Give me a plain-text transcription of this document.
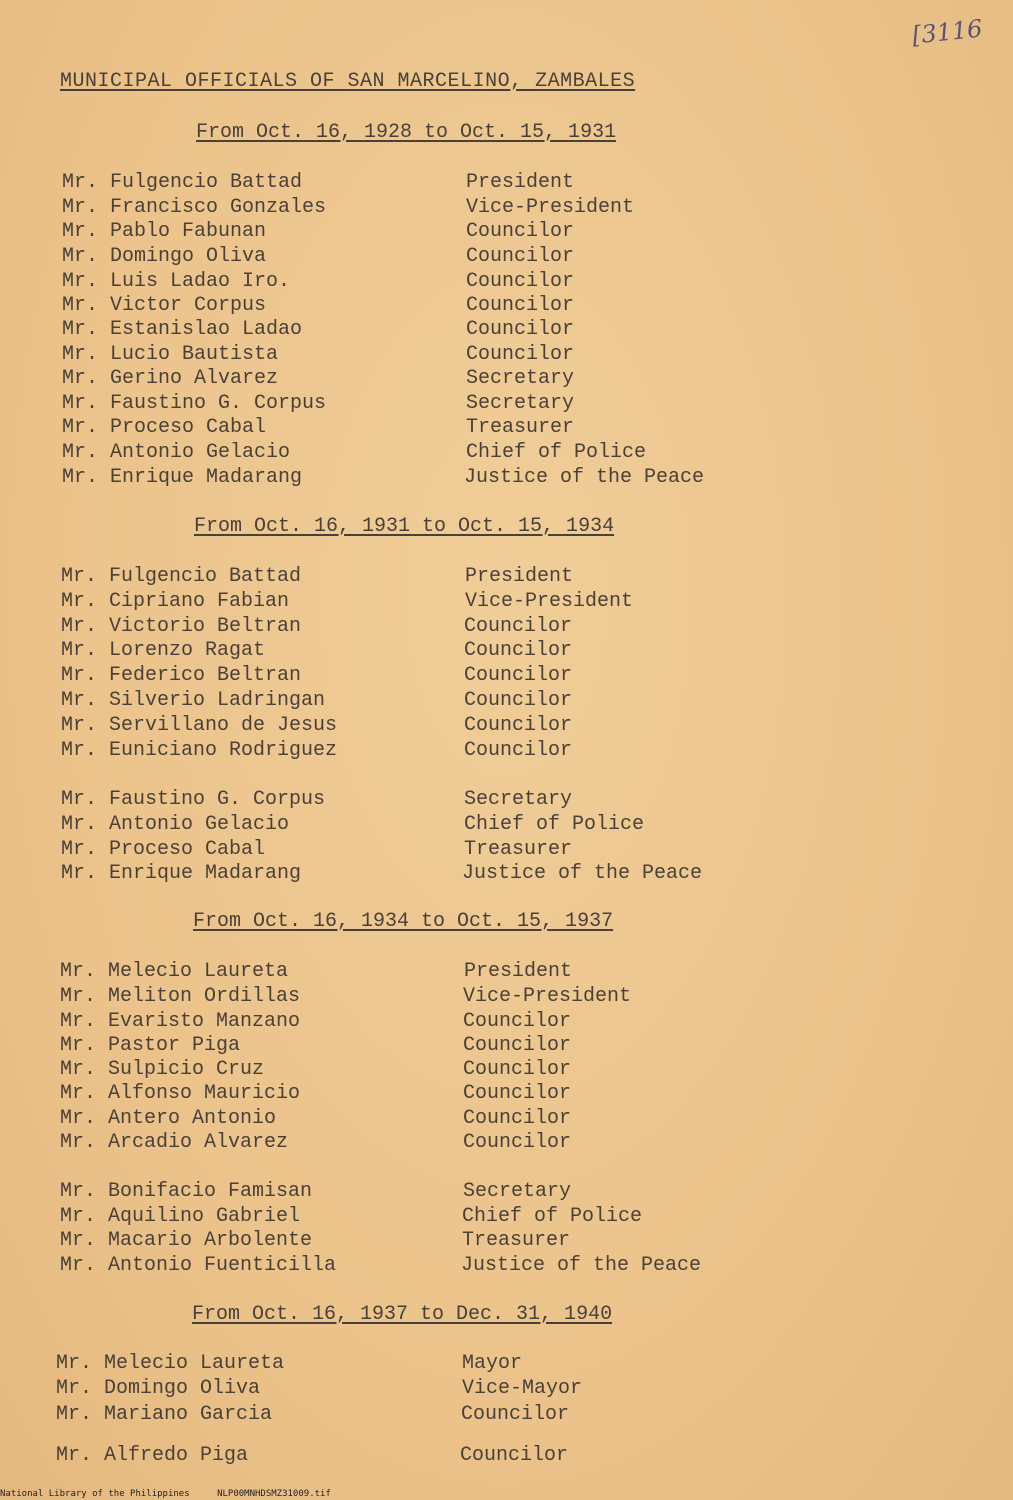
[3116
MUNICIPAL OFFICIALS OF SAN MARCELINO, ZAMBALES
From Oct. 16, 1928 to Oct. 15, 1931
Mr. Fulgencio Battad	President
Mr. Francisco Gonzales	Vice-President
Mr. Pablo Fabunan	Councilor
Mr. Domingo Oliva	Councilor
Mr. Luis Ladao Iro.	Councilor
Mr. Victor Corpus	Councilor
Mr. Estanislao Ladao	Councilor
Mr. Lucio Bautista	Councilor
Mr. Gerino Alvarez	Secretary
Mr. Faustino G. Corpus	Secretary
Mr. Proceso Cabal	Treasurer
Mr. Antonio Gelacio	Chief of Police
Mr. Enrique Madarang	Justice of the Peace
From Oct. 16, 1931 to Oct. 15, 1934
Mr. Fulgencio Battad	President
Mr. Cipriano Fabian	Vice-President
Mr. Victorio Beltran	Councilor
Mr. Lorenzo Ragat	Councilor
Mr. Federico Beltran	Councilor
Mr. Silverio Ladringan	Councilor
Mr. Servillano de Jesus	Councilor
Mr. Euniciano Rodriguez	Councilor
Mr. Faustino G. Corpus	Secretary
Mr. Antonio Gelacio	Chief of Police
Mr. Proceso Cabal	Treasurer
Mr. Enrique Madarang	Justice of the Peace
From Oct. 16, 1934 to Oct. 15, 1937
Mr. Melecio Laureta	President
Mr. Meliton Ordillas	Vice-President
Mr. Evaristo Manzano	Councilor
Mr. Pastor Piga	Councilor
Mr. Sulpicio Cruz	Councilor
Mr. Alfonso Mauricio	Councilor
Mr. Antero Antonio	Councilor
Mr. Arcadio Alvarez	Councilor
Mr. Bonifacio Famisan	Secretary
Mr. Aquilino Gabriel	Chief of Police
Mr. Macario Arbolente	Treasurer
Mr. Antonio Fuenticilla	Justice of the Peace
From Oct. 16, 1937 to Dec. 31, 1940
Mr. Melecio Laureta	Mayor
Mr. Domingo Oliva	Vice-Mayor
Mr. Mariano Garcia	Councilor
Mr. Alfredo Piga	Councilor
National Library of the Philippines	NLP00MNHDSMZ31009.tif
